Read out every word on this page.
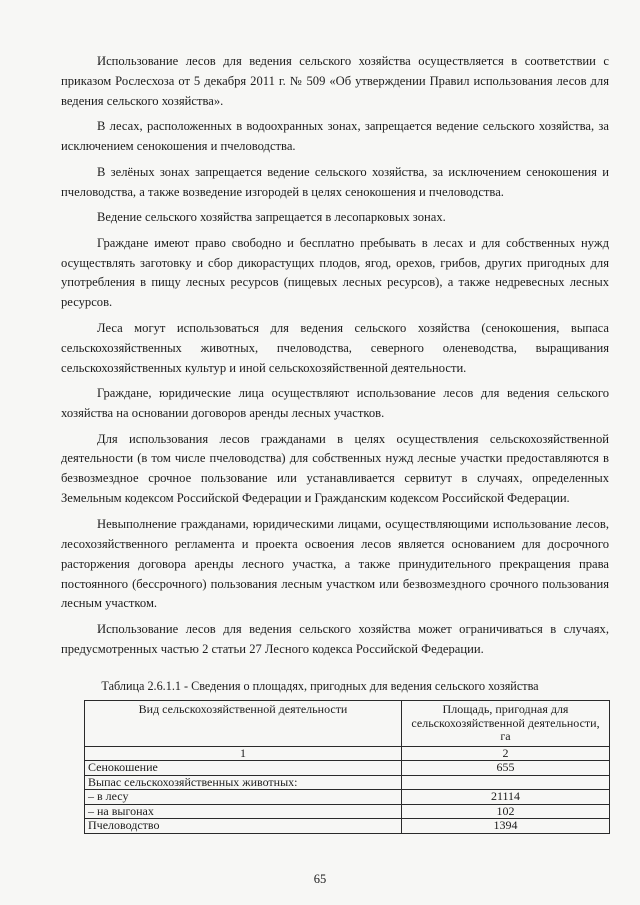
Использование лесов для ведения сельского хозяйства осуществляется в соответствии с приказом Рослесхоза от 5 декабря 2011 г. № 509 «Об утверждении Правил использования лесов для ведения сельского хозяйства».

В лесах, расположенных в водоохранных зонах, запрещается ведение сельского хозяйства, за исключением сенокошения и пчеловодства.

В зелёных зонах запрещается ведение сельского хозяйства, за исключением сенокошения и пчеловодства, а также возведение изгородей в целях сенокошения и пчеловодства.

Ведение сельского хозяйства запрещается в лесопарковых зонах.

Граждане имеют право свободно и бесплатно пребывать в лесах и для собственных нужд осуществлять заготовку и сбор дикорастущих плодов, ягод, орехов, грибов, других пригодных для употребления в пищу лесных ресурсов (пищевых лесных ресурсов), а также недревесных лесных ресурсов.

Леса могут использоваться для ведения сельского хозяйства (сенокошения, выпаса сельскохозяйственных животных, пчеловодства, северного оленеводства, выращивания сельскохозяйственных культур и иной сельскохозяйственной деятельности.

Граждане, юридические лица осуществляют использование лесов для ведения сельского хозяйства на основании договоров аренды лесных участков.

Для использования лесов гражданами в целях осуществления сельскохозяйственной деятельности (в том числе пчеловодства) для собственных нужд лесные участки предоставляются в безвозмездное срочное пользование или устанавливается сервитут в случаях, определенных Земельным кодексом Российской Федерации и Гражданским кодексом Российской Федерации.

Невыполнение гражданами, юридическими лицами, осуществляющими использование лесов, лесохозяйственного регламента и проекта освоения лесов является основанием для досрочного расторжения договора аренды лесного участка, а также принудительного прекращения права постоянного (бессрочного) пользования лесным участком или безвозмездного срочного пользования лесным участком.

Использование лесов для ведения сельского хозяйства может ограничиваться в случаях, предусмотренных частью 2 статьи 27 Лесного кодекса Российской Федерации.

Таблица 2.6.1.1 - Сведения о площадях, пригодных для ведения сельского хозяйства
Вид сельскохозяйственной деятельности	Площадь, пригодная для сельскохозяйственной деятельности, га
1	2
Сенокошение	655
Выпас сельскохозяйственных животных:	
– в лесу	21114
– на выгонах	102
Пчеловодство	1394
65
